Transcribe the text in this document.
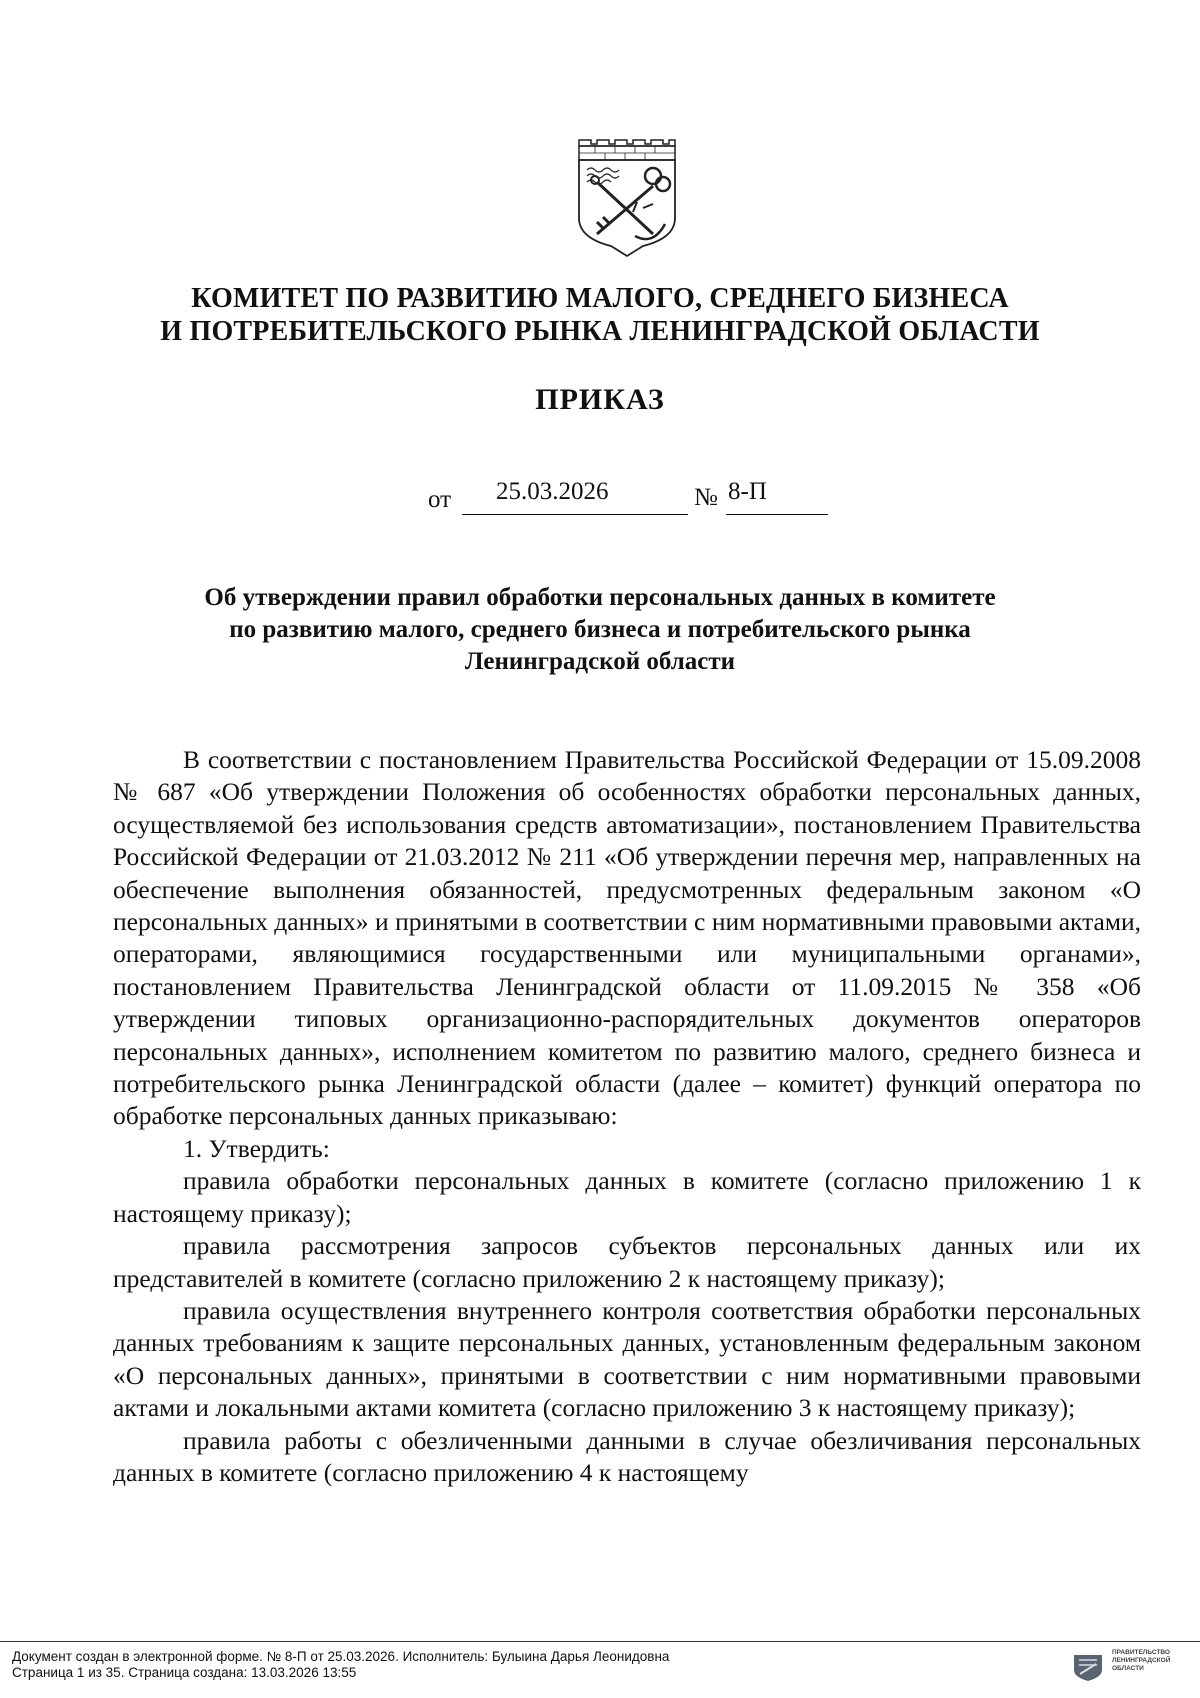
КОМИТЕТ ПО РАЗВИТИЮ МАЛОГО, СРЕДНЕГО БИЗНЕСА
И ПОТРЕБИТЕЛЬСКОГО РЫНКА ЛЕНИНГРАДСКОЙ ОБЛАСТИ
ПРИКАЗ
от 25.03.2026	№ 8-П
Об утверждении правил обработки персональных данных в комитете
по развитию малого, среднего бизнеса и потребительского рынка
Ленинградской области

В соответствии с постановлением Правительства Российской Федерации от 15.09.2008 № 687 «Об утверждении Положения об особенностях обработки персональных данных, осуществляемой без использования средств автоматизации», постановлением Правительства Российской Федерации от 21.03.2012 № 211 «Об утверждении перечня мер, направленных на обеспечение выполнения обязанностей, предусмотренных федеральным законом «О персональных данных» и принятыми в соответствии с ним нормативными правовыми актами, операторами, являющимися государственными или муниципальными органами», постановлением Правительства Ленинградской области от 11.09.2015 № 358 «Об утверждении типовых организационно-распорядительных документов операторов персональных данных», исполнением комитетом по развитию малого, среднего бизнеса и потребительского рынка Ленинградской области (далее – комитет) функций оператора по обработке персональных данных приказываю:

1. Утвердить:

правила обработки персональных данных в комитете (согласно приложению 1 к настоящему приказу);

правила рассмотрения запросов субъектов персональных данных или их представителей в комитете (согласно приложению 2 к настоящему приказу);

правила осуществления внутреннего контроля соответствия обработки персональных данных требованиям к защите персональных данных, установленным федеральным законом «О персональных данных», принятыми в соответствии с ним нормативными правовыми актами и локальными актами комитета (согласно приложению 3 к настоящему приказу);

правила работы с обезличенными данными в случае обезличивания персональных данных в комитете (согласно приложению 4 к настоящему

Документ создан в электронной форме. № 8-П от 25.03.2026. Исполнитель: Булыина Дарья Леонидовна
Страница 1 из 35. Страница создана: 13.03.2026 13:55
ПРАВИТЕЛЬСТВО
ЛЕНИНГРАДСКОЙ
ОБЛАСТИ
